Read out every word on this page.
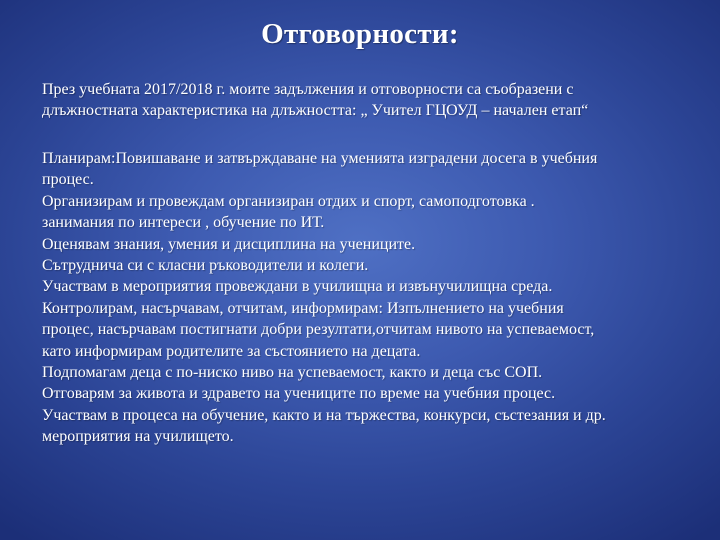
Отговорности:
През учебната 2017/2018 г. моите задължения и отговорности са съобразени с
длъжностната характеристика на длъжността: „ Учител ГЦОУД – начален етап“
Планирам:Повишаване и затвърждаване на уменията изградени досега в учебния
процес.
Организирам и провеждам организиран отдих и спорт, самоподготовка .
занимания по интереси , обучение по ИТ.
Оценявам знания, умения и дисциплина на учениците.
Сътруднича си с класни ръководители и колеги.
Участвам в мероприятия провеждани в училищна и извънучилищна среда.
Контролирам, насърчавам, отчитам, информирам: Изпълнението на учебния
процес, насърчавам постигнати добри резултати,отчитам нивото на успеваемост,
като информирам родителите за състоянието на децата.
Подпомагам деца с по-ниско ниво на успеваемост, както и деца със СОП.
Отговарям за живота и здравето на учениците по време на учебния процес.
Участвам в процеса на обучение, както и на тържества, конкурси, състезания и др.
мероприятия на училището.
